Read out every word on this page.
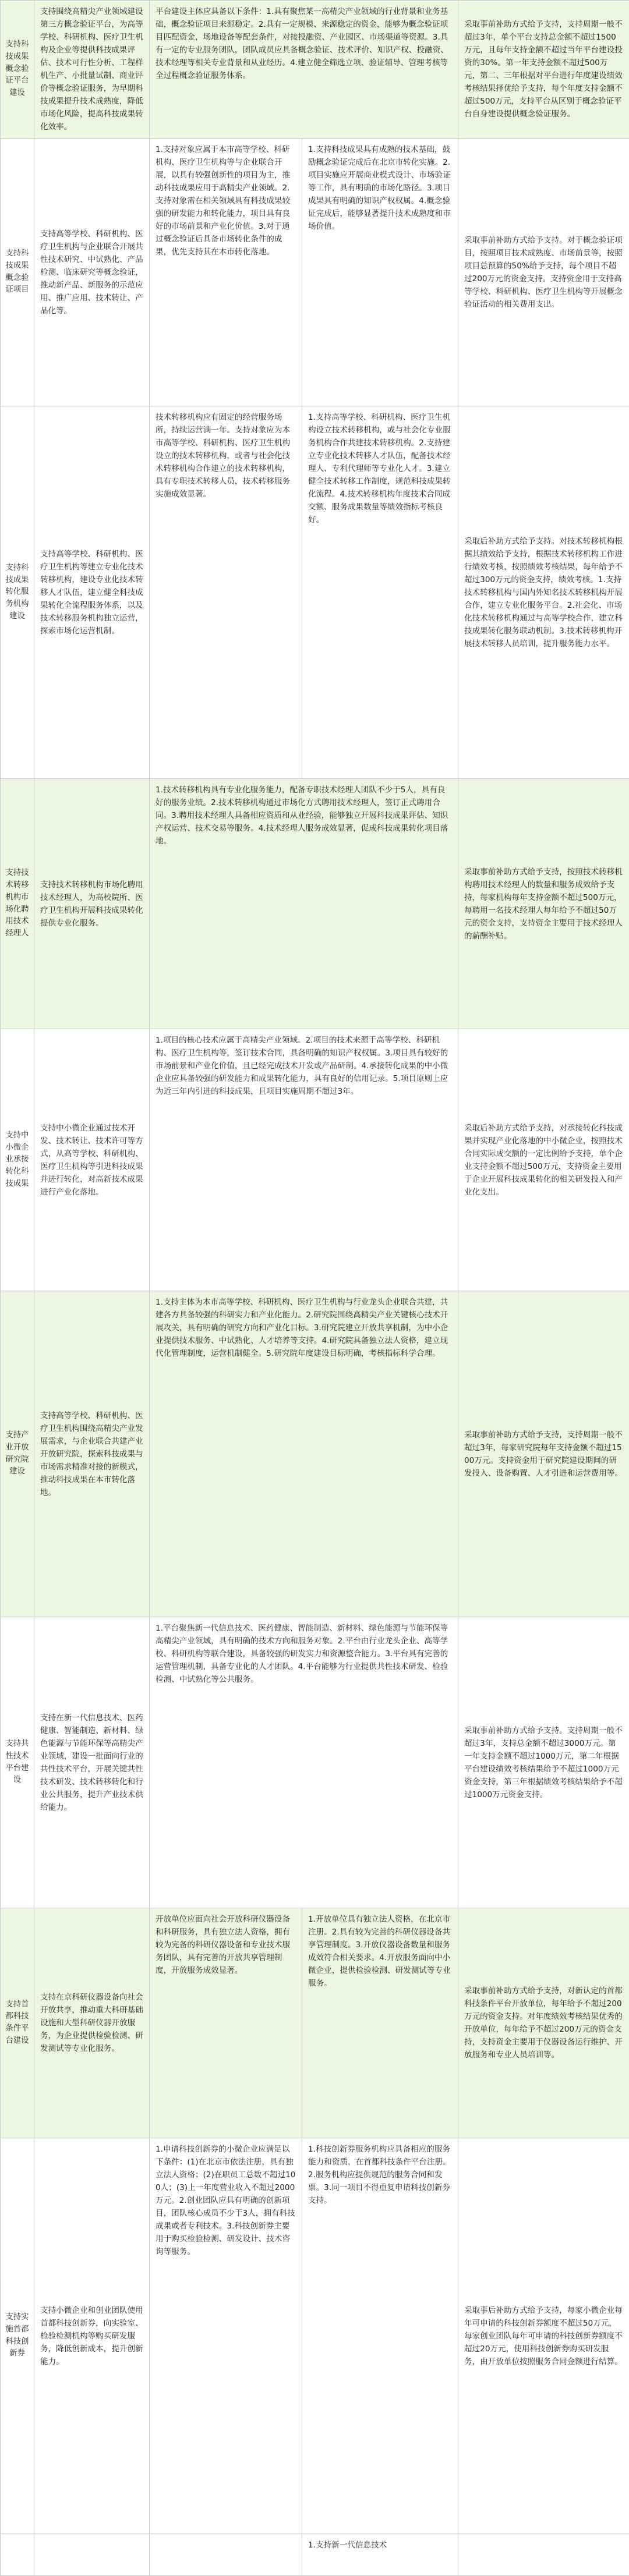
支持科技成果概念验证平台建设	支持围绕高精尖产业领域建设第三方概念验证平台，为高等学校、科研机构、医疗卫生机构及企业等提供科技成果评估、技术可行性分析、工程样机生产、小批量试制、商业评价等概念验证服务，为早期科技成果提升技术成熟度，降低市场化风险，提高科技成果转化效率。	平台建设主体应具备以下条件：1.具有聚焦某一高精尖产业领域的行业背景和业务基础，概念验证项目来源稳定。2.具有一定规模、来源稳定的资金，能够为概念验证项目匹配资金，场地设备等配套条件，对接投融资、产业园区、市场渠道等资源。3.具有一定的专业服务团队，团队成员应具备概念验证、技术评价、知识产权、投融资、技术经理等相关专业背景和从业经历。4.建立健全筛选立项、验证辅导、管理考核等全过程概念验证服务体系。		采取事前补助方式给予支持，支持周期一般不超过3年，单个平台支持总金额不超过1500万元，且每年支持金额不超过当年平台建设投资的30%。第一年支持金额不超过500万元，第二、三年根据对平台进行年度建设绩效考核结果择优给予支持，每个年度支持金额不超过500万元，支持平台从区别于概念验证平台自身建设提供概念验证服务。
支持科技成果概念验证项目	支持高等学校、科研机构、医疗卫生机构与企业联合开展共性技术研究、中试熟化、产品检测、临床研究等概念验证，推动新产品、新服务的示范应用、推广应用、技术转让、产品化等。	1.支持对象应属于本市高等学校、科研机构、医疗卫生机构等与企业联合开展，以具有较强创新性的项目为主，推动科技成果应用于高精尖产业领域。2.支持对象需在相关领域具有科技成果较强的研发能力和转化能力，项目具有良好的市场前景和产业化价值。3.对于通过概念验证后具备市场转化条件的成果，优先支持其在本市转化落地。	1.支持科技成果具有成熟的技术基础，鼓励概念验证完成后在北京市转化实施。2.项目实施应开展商业模式设计、市场验证等工作，具有明确的市场化路径。3.项目成果具有明确的知识产权权属。4.概念验证完成后，能够显著提升技术成熟度和市场价值。	采取事前补助方式给予支持。对于概念验证项目，按照项目技术成熟度、市场前景等，按照项目总预算的50%给予支持，每个项目不超过200万元的资金支持。支持资金用于支持高等学校、科研机构、医疗卫生机构等开展概念验证活动的相关费用支出。
支持科技成果转化服务机构建设	支持高等学校、科研机构、医疗卫生机构等建立专业化技术转移机构，建设专业化技术转移人才队伍，建立健全科技成果转化全流程服务体系，以及技术转移服务机构独立运营，探索市场化运营机制。	技术转移机构应有固定的经营服务场所，持续运营满一年。支持对象应为本市高等学校、科研机构、医疗卫生机构设立的技术转移机构，或者与社会化技术转移机构合作建立的技术转移机构，具有专职技术转移人员，技术转移服务实施成效显著。	1.支持高等学校、科研机构、医疗卫生机构设立技术转移机构，或与社会化专业服务机构合作共建技术转移机构。2.支持建立专业化技术转移人才队伍，配备技术经理人、专利代理师等专业化人才。3.建立健全技术转移工作制度，规范科技成果转化流程。4.技术转移机构年度技术合同成交额、服务成果数量等绩效指标考核良好。	采取后补助方式给予支持。对技术转移机构根据其绩效给予支持，根据技术转移机构工作进行绩效考核，按照绩效考核结果，每年给予不超过300万元的资金支持，绩效考核。1.支持技术转移机构与国内外知名技术转移机构开展合作，建立专业化服务平台。2.社会化、市场化技术转移机构通过与高等学校合作，建立科技成果转化服务联动机制。3.技术转移机构开展技术转移人员培训，提升服务能力水平。
支持技术转移机构市场化聘用技术经理人	支持技术转移机构市场化聘用技术经理人，为高校院所、医疗卫生机构开展科技成果转化提供专业化服务。	1.技术转移机构具有专业化服务能力，配备专职技术经理人团队不少于5人，具有良好的服务业绩。2.技术转移机构通过市场化方式聘用技术经理人，签订正式聘用合同。3.聘用技术经理人具备相应资质和从业经验，能够独立开展科技成果评估、知识产权运营、技术交易等服务。4.技术经理人服务成效显著，促成科技成果转化项目落地。		采取事前补助方式给予支持，按照技术转移机构聘用技术经理人的数量和服务成效给予支持，每家机构每年支持金额不超过500万元，每聘用一名技术经理人每年给予不超过50万元的资金支持，支持资金主要用于技术经理人的薪酬补贴。
支持中小微企业承接转化科技成果	支持中小微企业通过技术开发、技术转让、技术许可等方式，从高等学校、科研机构、医疗卫生机构等引进科技成果并进行转化，对高新技术成果进行产业化落地。	1.项目的核心技术应属于高精尖产业领域。2.项目的技术来源于高等学校、科研机构、医疗卫生机构等，签订技术合同，具备明确的知识产权权属。3.项目具有较好的市场前景和产业化价值，且已经完成技术开发或产品研制。4.承接转化成果的中小微企业应具备较强的研发能力和成果转化能力，具有良好的信用记录。5.项目原则上应为近三年内引进的科技成果，且项目实施周期不超过3年。		采取后补助方式给予支持，对承接转化科技成果并实现产业化落地的中小微企业，按照技术合同实际成交额的一定比例给予支持，单个企业支持金额不超过500万元，支持资金主要用于企业开展科技成果转化的相关研发投入和产业化支出。
支持产业开放研究院建设	支持高等学校、科研机构、医疗卫生机构围绕高精尖产业发展需求，与企业联合共建产业开放研究院，探索科技成果与市场需求精准对接的新模式，推动科技成果在本市转化落地。	1.支持主体为本市高等学校、科研机构、医疗卫生机构与行业龙头企业联合共建，共建各方具备较强的科研实力和产业化能力。2.研究院围绕高精尖产业关键核心技术开展攻关，具有明确的研究方向和产业化目标。3.研究院建立开放共享机制，为中小企业提供技术服务、中试熟化、人才培养等支持。4.研究院具备独立法人资格，建立现代化管理制度，运营机制健全。5.研究院年度建设目标明确，考核指标科学合理。		采取事前补助方式给予支持，支持周期一般不超过3年，每家研究院每年支持金额不超过1500万元。支持资金用于研究院建设期间的研发投入、设备购置、人才引进和运营费用等。
支持共性技术平台建设	支持在新一代信息技术、医药健康、智能制造、新材料、绿色能源与节能环保等高精尖产业领域，建设一批面向行业的共性技术平台，开展关键共性技术研发、技术转移转化和行业公共服务，提升产业技术供给能力。	1.平台聚焦新一代信息技术、医药健康、智能制造、新材料、绿色能源与节能环保等高精尖产业领域，具有明确的技术方向和服务对象。2.平台由行业龙头企业、高等学校、科研机构等联合建设，具备较强的研发实力和资源整合能力。3.平台具有完善的运营管理机制，具备专业化的人才团队。4.平台能够为行业提供共性技术研发、检验检测、中试熟化等公共服务。		采取事前补助方式给予支持。支持周期一般不超过3年，支持总金额不超过3000万元。第一年支持金额不超过1000万元，第二年根据平台建设绩效考核结果给予不超过1000万元资金支持，第三年根据绩效考核结果给予不超过1000万元资金支持。
支持首都科技条件平台建设	支持在京科研仪器设备向社会开放共享，推动重大科研基础设施和大型科研仪器开放服务，为企业提供检验检测、研发测试等专业化服务。	开放单位应面向社会开放科研仪器设备和科研服务，具有独立法人资格，拥有较为完备的科研仪器设备和专业技术服务团队，具有完善的开放共享管理制度，开放服务成效显著。	1.开放单位具有独立法人资格，在北京市注册。2.具有较为完善的科研仪器设备共享管理制度。3.开放仪器设备数量和服务成效符合相关要求。4.开放服务面向中小微企业，提供检验检测、研发测试等专业服务。	采取事前补助方式给予支持，对新认定的首都科技条件平台开放单位，每年给予不超过200万元的资金支持。对年度绩效考核结果优秀的开放单位，每年给予不超过200万元的资金支持，支持资金主要用于仪器设备运行维护、开放服务和专业人员培训等。
支持实施首都科技创新券	支持小微企业和创业团队使用首都科技创新券，向实验室、检验检测机构等购买研发服务，降低创新成本，提升创新能力。	1.申请科技创新券的小微企业应满足以下条件：(1)在北京市依法注册，具有独立法人资格；(2)在职员工总数不超过100人；(3)上一年度营业收入不超过2000万元。2.创业团队应具有明确的创新项目，团队核心成员不少于3人，拥有科技成果或者专利技术。3.科技创新券主要用于购买检验检测、研发设计、技术咨询等服务。	1.科技创新券服务机构应具备相应的服务能力和资质，在首都科技条件平台注册。2.服务机构应提供规范的服务合同和发票。3.同一项目不得重复申请科技创新券支持。	采取事后补助方式给予支持，每家小微企业每年可申请的科技创新券额度不超过50万元，每家创业团队每年可申请的科技创新券额度不超过20万元，使用科技创新券购买研发服务，由开放单位按照服务合同金额进行结算。
			1.支持新一代信息技术	
